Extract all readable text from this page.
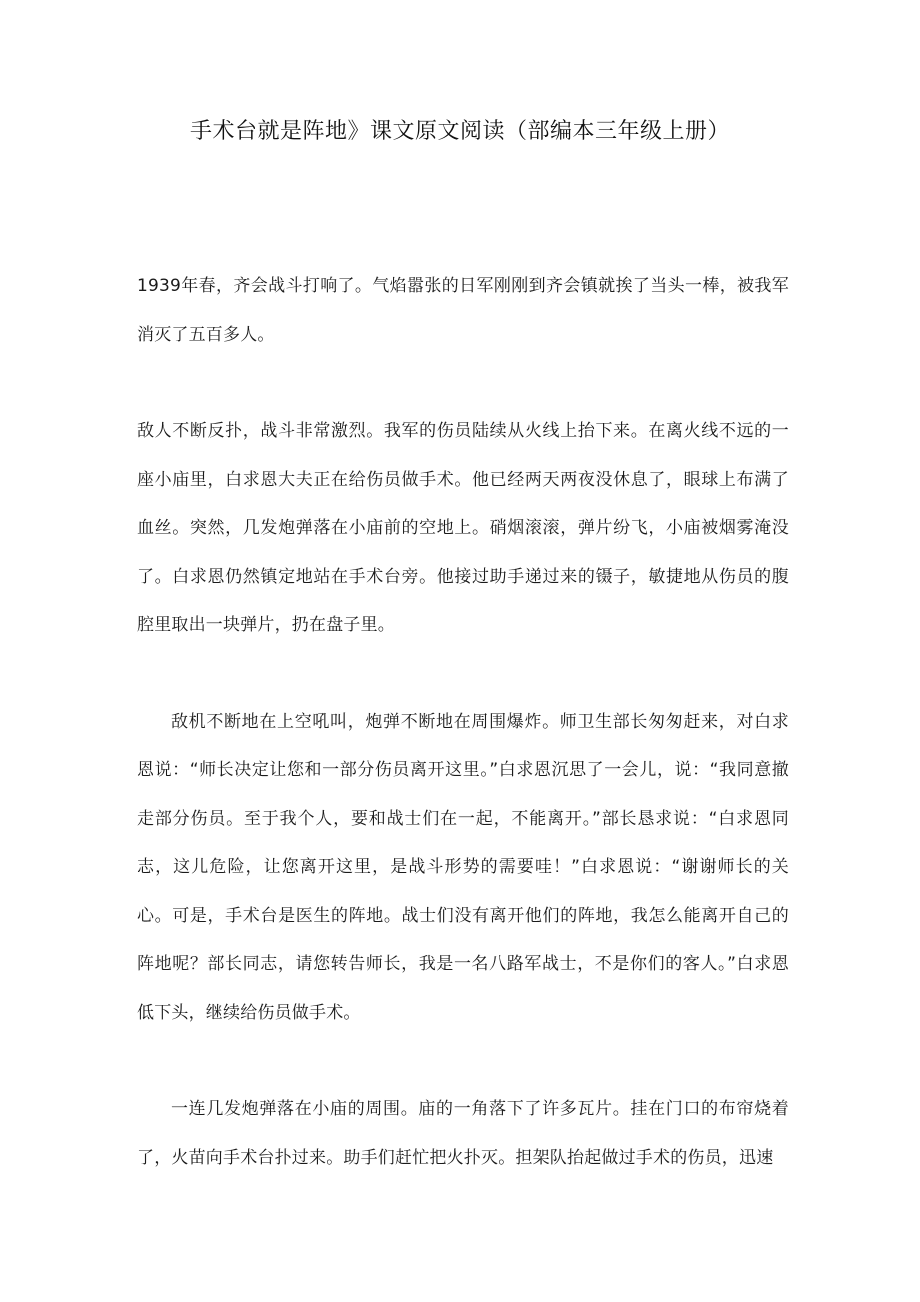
手术台就是阵地》课文原文阅读（部编本三年级上册）

1939年春，齐会战斗打响了。气焰嚣张的日军刚刚到齐会镇就挨了当头一棒，被我军消灭了五百多人。

敌人不断反扑，战斗非常激烈。我军的伤员陆续从火线上抬下来。在离火线不远的一座小庙里，白求恩大夫正在给伤员做手术。他已经两天两夜没休息了，眼球上布满了血丝。突然，几发炮弹落在小庙前的空地上。硝烟滚滚，弹片纷飞，小庙被烟雾淹没了。白求恩仍然镇定地站在手术台旁。他接过助手递过来的镊子，敏捷地从伤员的腹腔里取出一块弹片，扔在盘子里。

敌机不断地在上空吼叫，炮弹不断地在周围爆炸。师卫生部长匆匆赶来，对白求恩说：“师长决定让您和一部分伤员离开这里。”白求恩沉思了一会儿，说：“我同意撤走部分伤员。至于我个人，要和战士们在一起，不能离开。”部长恳求说：“白求恩同志，这儿危险，让您离开这里，是战斗形势的需要哇！”白求恩说：“谢谢师长的关心。可是，手术台是医生的阵地。战士们没有离开他们的阵地，我怎么能离开自己的阵地呢？部长同志，请您转告师长，我是一名八路军战士，不是你们的客人。”白求恩低下头，继续给伤员做手术。

一连几发炮弹落在小庙的周围。庙的一角落下了许多瓦片。挂在门口的布帘烧着了，火苗向手术台扑过来。助手们赶忙把火扑灭。担架队抬起做过手术的伤员，迅速
